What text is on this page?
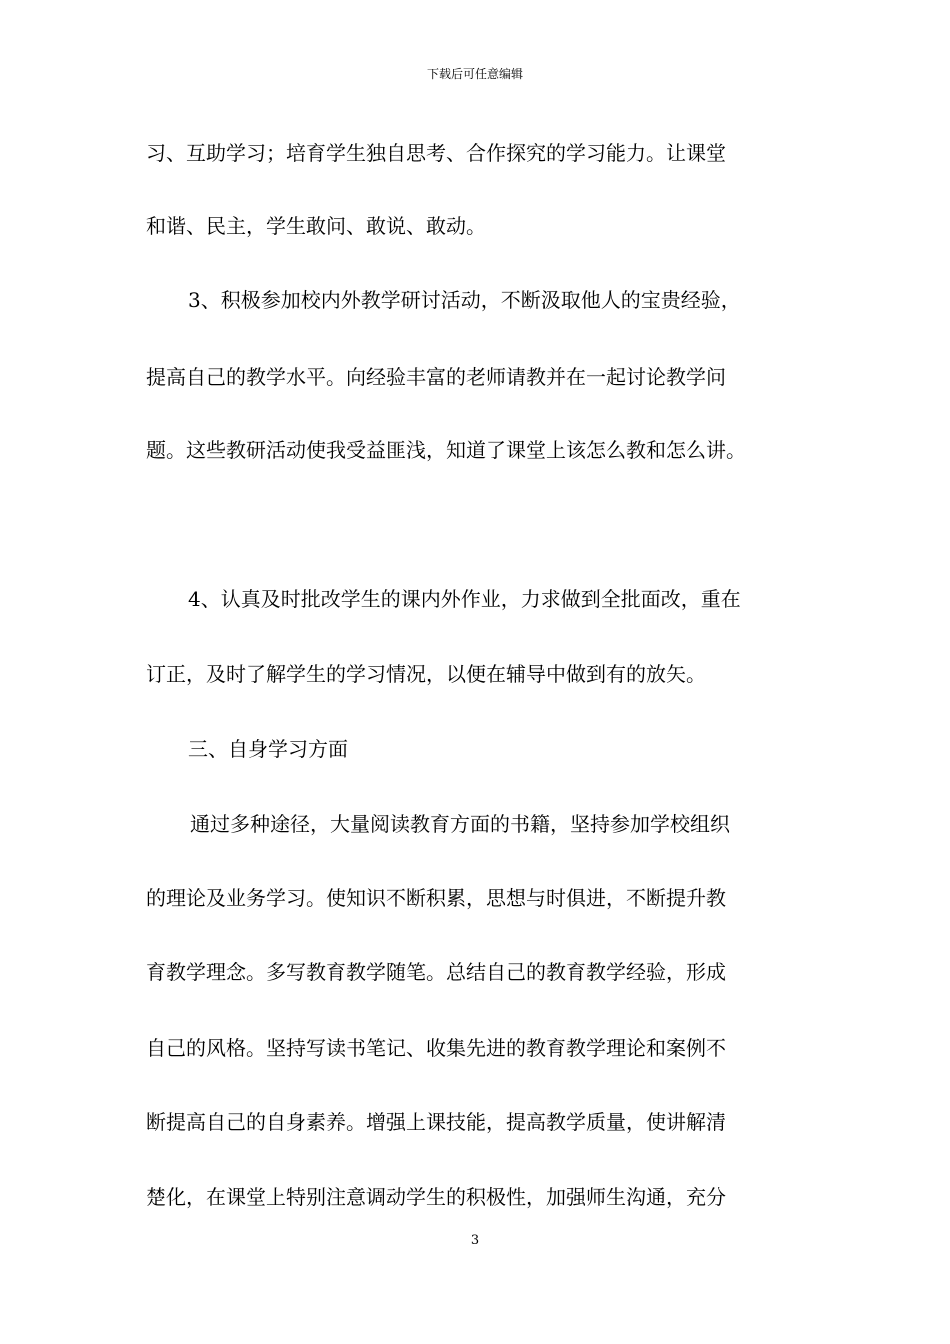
下载后可任意编辑
习、互助学习；培育学生独自思考、合作探究的学习能力。让课堂
和谐、民主，学生敢问、敢说、敢动。
3、积极参加校内外教学研讨活动，不断汲取他人的宝贵经验，
提高自己的教学水平。向经验丰富的老师请教并在一起讨论教学问
题。这些教研活动使我受益匪浅，知道了课堂上该怎么教和怎么讲。
4、认真及时批改学生的课内外作业，力求做到全批面改，重在
订正，及时了解学生的学习情况，以便在辅导中做到有的放矢。
三、自身学习方面
通过多种途径，大量阅读教育方面的书籍，坚持参加学校组织
的理论及业务学习。使知识不断积累，思想与时俱进，不断提升教
育教学理念。多写教育教学随笔。总结自己的教育教学经验，形成
自己的风格。坚持写读书笔记、收集先进的教育教学理论和案例不
断提高自己的自身素养。增强上课技能，提高教学质量，使讲解清
楚化，在课堂上特别注意调动学生的积极性，加强师生沟通，充分
3
